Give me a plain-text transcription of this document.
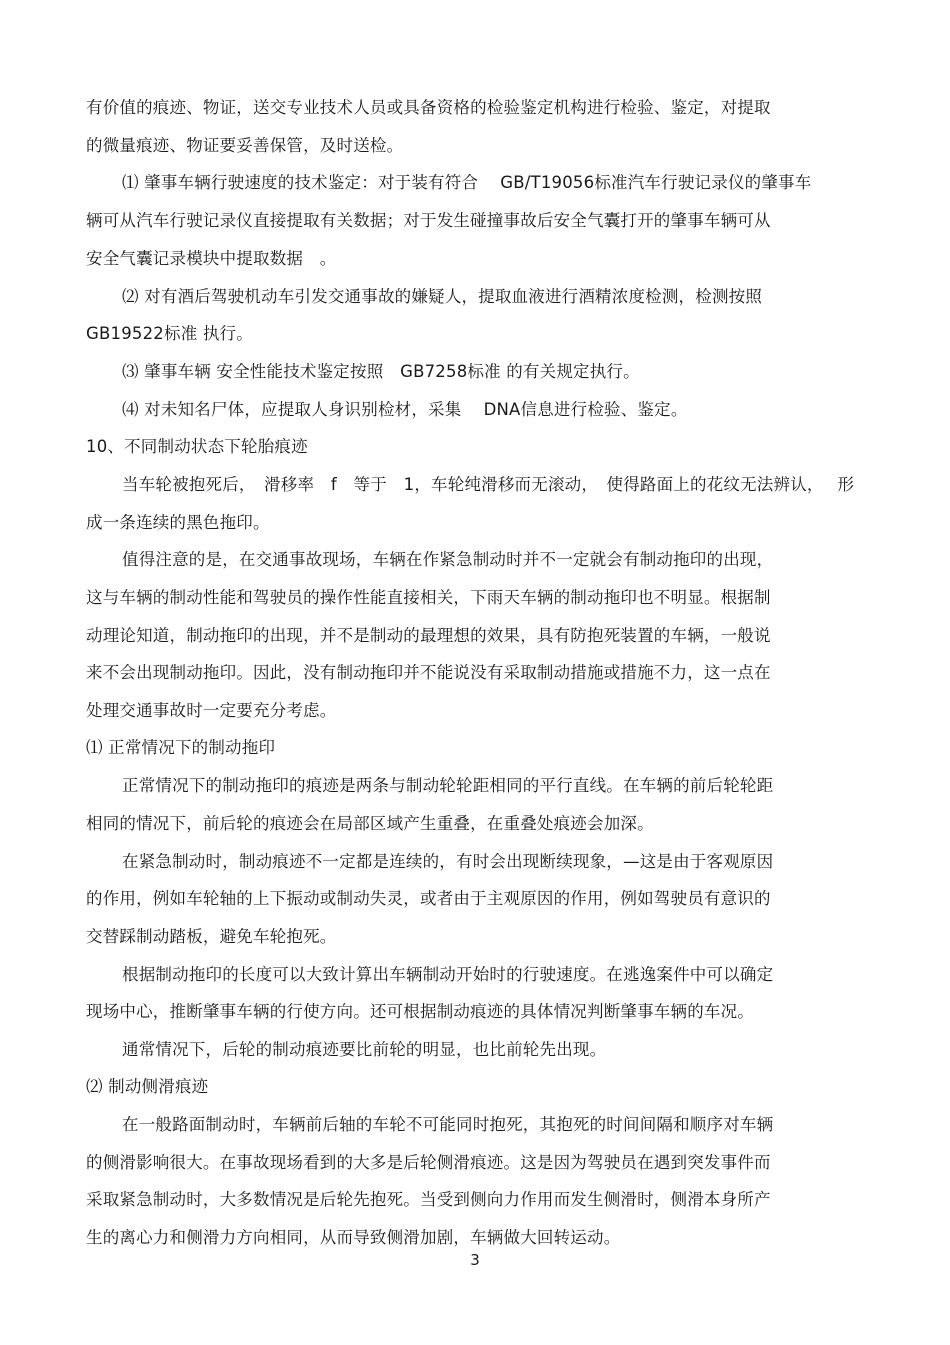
有价值的痕迹、物证，送交专业技术人员或具备资格的检验鉴定机构进行检验、鉴定，对提取
的微量痕迹、物证要妥善保管，及时送检。
⑴ 肇事车辆行驶速度的技术鉴定：对于装有符合　 GB/T19056标准汽车行驶记录仪的肇事车
辆可从汽车行驶记录仪直接提取有关数据；对于发生碰撞事故后安全气囊打开的肇事车辆可从
安全气囊记录模块中提取数据　。
⑵ 对有酒后驾驶机动车引发交通事故的嫌疑人，提取血液进行酒精浓度检测，检测按照
GB19522标准 执行。
⑶ 肇事车辆 安全性能技术鉴定按照　GB7258标准 的有关规定执行。
⑷ 对未知名尸体，应提取人身识别检材，采集　 DNA信息进行检验、鉴定。
10、不同制动状态下轮胎痕迹
当车轮被抱死后，　滑移率　f　等于　1，车轮纯滑移而无滚动，　使得路面上的花纹无法辨认，　 形
成一条连续的黑色拖印。
值得注意的是，在交通事故现场，车辆在作紧急制动时并不一定就会有制动拖印的出现，
这与车辆的制动性能和驾驶员的操作性能直接相关，下雨天车辆的制动拖印也不明显。根据制
动理论知道，制动拖印的出现，并不是制动的最理想的效果，具有防抱死装置的车辆，一般说
来不会出现制动拖印。因此，没有制动拖印并不能说没有采取制动措施或措施不力，这一点在
处理交通事故时一定要充分考虑。
⑴ 正常情况下的制动拖印
正常情况下的制动拖印的痕迹是两条与制动轮轮距相同的平行直线。在车辆的前后轮轮距
相同的情况下，前后轮的痕迹会在局部区域产生重叠，在重叠处痕迹会加深。
在紧急制动时，制动痕迹不一定都是连续的，有时会出现断续现象，—这是由于客观原因
的作用，例如车轮轴的上下振动或制动失灵，或者由于主观原因的作用，例如驾驶员有意识的
交替踩制动踏板，避免车轮抱死。
根据制动拖印的长度可以大致计算出车辆制动开始时的行驶速度。在逃逸案件中可以确定
现场中心，推断肇事车辆的行使方向。还可根据制动痕迹的具体情况判断肇事车辆的车况。
通常情况下，后轮的制动痕迹要比前轮的明显，也比前轮先出现。
⑵ 制动侧滑痕迹
在一般路面制动时，车辆前后轴的车轮不可能同时抱死，其抱死的时间间隔和顺序对车辆
的侧滑影响很大。在事故现场看到的大多是后轮侧滑痕迹。这是因为驾驶员在遇到突发事件而
采取紧急制动时，大多数情况是后轮先抱死。当受到侧向力作用而发生侧滑时，侧滑本身所产
生的离心力和侧滑力方向相同，从而导致侧滑加剧，车辆做大回转运动。
3
